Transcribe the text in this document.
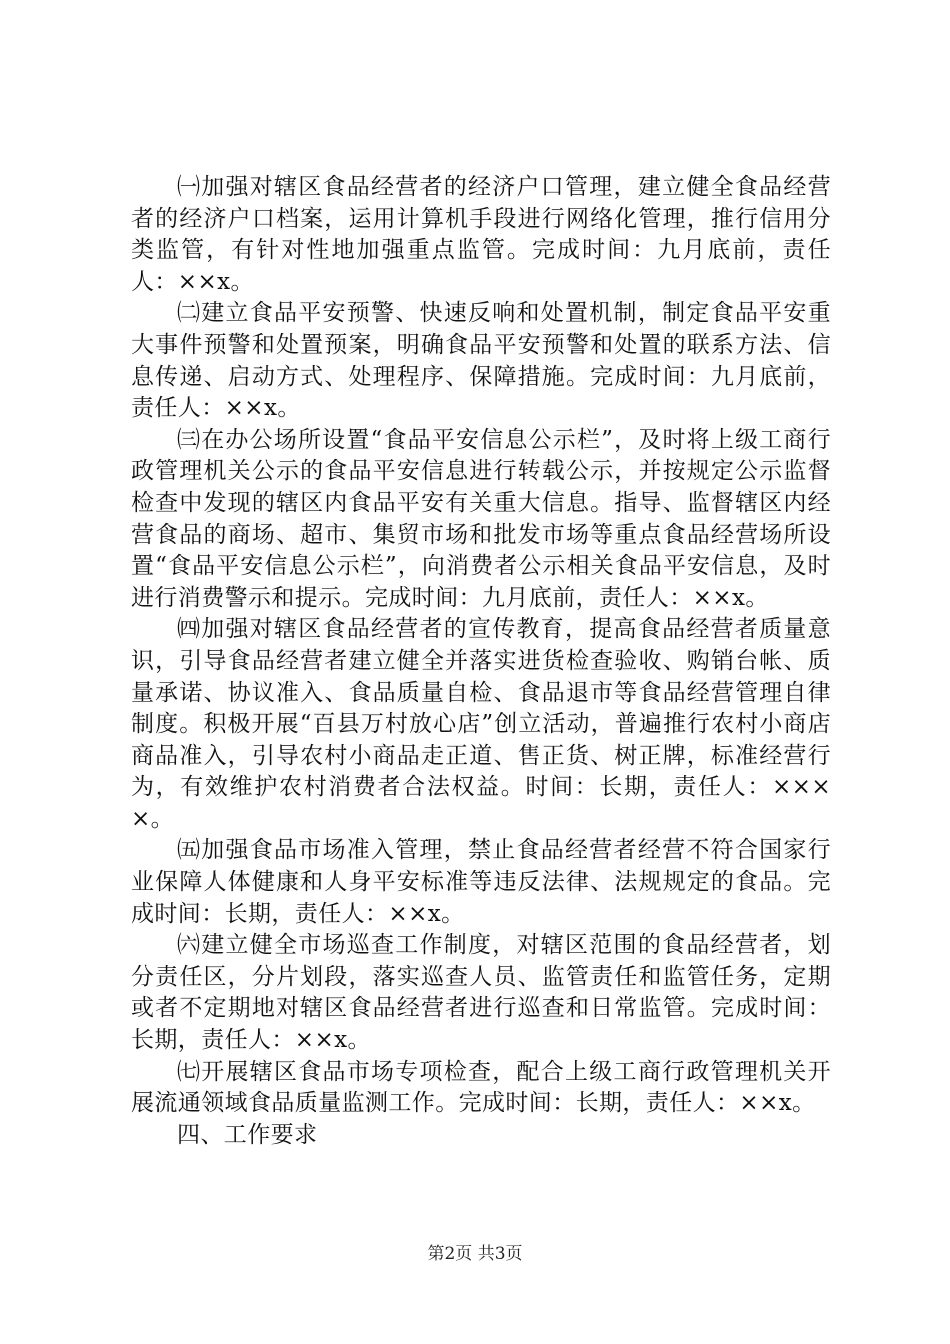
㈠加强对辖区食品经营者的经济户口管理，建立健全食品经营者的经济户口档案，运用计算机手段进行网络化管理，推行信用分类监管，有针对性地加强重点监管。完成时间：九月底前，责任人：××x。

㈡建立食品平安预警、快速反响和处置机制，制定食品平安重大事件预警和处置预案，明确食品平安预警和处置的联系方法、信息传递、启动方式、处理程序、保障措施。完成时间：九月底前，责任人：××x。

㈢在办公场所设置“食品平安信息公示栏”，及时将上级工商行政管理机关公示的食品平安信息进行转载公示，并按规定公示监督检查中发现的辖区内食品平安有关重大信息。指导、监督辖区内经营食品的商场、超市、集贸市场和批发市场等重点食品经营场所设置“食品平安信息公示栏”，向消费者公示相关食品平安信息，及时进行消费警示和提示。完成时间：九月底前，责任人：××x。

㈣加强对辖区食品经营者的宣传教育，提高食品经营者质量意识，引导食品经营者建立健全并落实进货检查验收、购销台帐、质量承诺、协议准入、食品质量自检、食品退市等食品经营管理自律制度。积极开展“百县万村放心店”创立活动，普遍推行农村小商店商品准入，引导农村小商品走正道、售正货、树正牌，标准经营行为，有效维护农村消费者合法权益。时间：长期，责任人：××××。

㈤加强食品市场准入管理，禁止食品经营者经营不符合国家行业保障人体健康和人身平安标准等违反法律、法规规定的食品。完成时间：长期，责任人：××x。

㈥建立健全市场巡查工作制度，对辖区范围的食品经营者，划分责任区，分片划段，落实巡查人员、监管责任和监管任务，定期或者不定期地对辖区食品经营者进行巡查和日常监管。完成时间：长期，责任人：××x。

㈦开展辖区食品市场专项检查，配合上级工商行政管理机关开展流通领域食品质量监测工作。完成时间：长期，责任人：××x。

四、工作要求

第2页 共3页
